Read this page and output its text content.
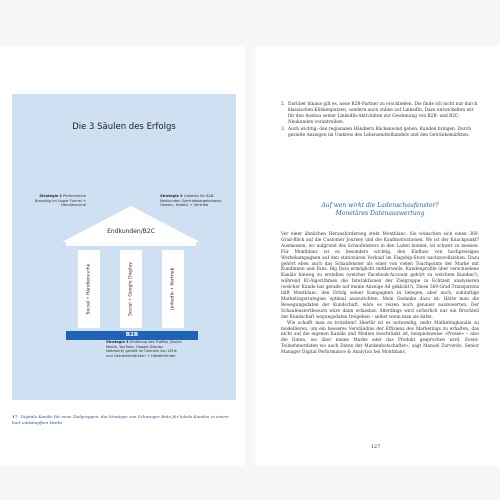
Die 3 Säulen des Erfolgs
Strategie 1 Performance Branding im Upper Funnel + Händlersuche
Strategie 2 LinkedIn für B2B-Neukunden (Vertriebsergebnissen, Gewinn, Hotels) + Vertrieb
Endkunden/B2C
Social • Händlersuche	Social • Google Display	LinkedIn • Vertrieb
B2B
Strategie 3 Erhöhung des Traffics (Social Media, YouTube, Google Display Netzwerk) gezielt im Umkreis von LEHs und Getränkemärkten + Händlerfinder
17 Digitale Kanäle für neue Zielgruppen: die Strategie von Schweiger Bräu für lokale Kunden in einem hart umkämpften Markt
2. Darüber hinaus gilt es, neue B2B-Partner zu erschließen. Die finde ich nicht nur durch klassischen Klinkenputzen, sondern auch online auf LinkedIn. Dazu entwickelten wir für den Ausbau seiner LinkedIn-Aktivitäten zur Gewinnung von B2B- und B2C-Neukunden vorantreiben.
3. Auch wichtig: den regionalen Händlern Rückenwind geben. Kunden bringen. Durch gezielte Anzeigen im Umkreis des Lebensmittelhandels und den Getränkemärkten.
Auf wen wirkt die Ladenschaufenster?
Monetäres Datenauswertung

Vor einer ähnlichen Herausforderung steht Montblanc. Sie wünschen sich einen 360-Grad-Blick auf die Customer Journey und die Kaufmotivationen. Wo ist der Knackpunkt? Ausmessen, wo aufgrund des Schaufensters in den Laden kommt, ist schwer zu messen. Für Montblanc ist es besonders wichtig, den Einfluss von hochpreisigen Werbekampagnen auf den stationären Verkauf im Flagship-Store nachzuvollziehen. Dazu gehört eben auch das Schaufenster als einer von vielen Touchpoints der Marke mit Kundinnen und Fans. Big Data ermöglicht mittlerweile, Kundenprofile über verschiedene Kanäle hinweg zu erstellen (welcher Facebook-Account gehört zu welchem Kunden?), während KI-Algorithmen die Interaktionen der Zielgruppe in Echtzeit analysieren (welcher Kunde hat gerade auf meine Anzeige Ad geklickt?). Diese 360-Grad-Transparenz hilft Montblanc, den Erfolg seiner Kampagnen zu belegen, aber auch, zukünftige Marketingstrategien optimal auszurichten. Mein Gedanke dazu ist: Hätte man die Bewegungsdaten der Kundschaft, wäre es reizen noch genauer auszuwerten. Der Schaufenstertbesuch wäre dann erfassbar. Allerdings wird sicherlich nur ein Bruchteil der Kundschaft wegungsdaten freigeben – selbst wenn man sie hätte.

Wie schafft man es trotzdem? Hierfür ist es notwendig, mehr Marketingkanäle zu modellieren, um ein besseres Verständnis der Effizienz des Marketings zu erhalten, das nicht auf die eigenen Kanäle und Medien beschränkt ist, beispielsweise »Presse« – also die Daten, wo über meine Marke oder das Produkt gesprochen wird. Event-Teilnehmerdaten wo auch Daten der Markenbotschafter«, sagt Manuel Zurverdo, Senior Manager Digital Performance & Analytics bei Montblanc.

127
